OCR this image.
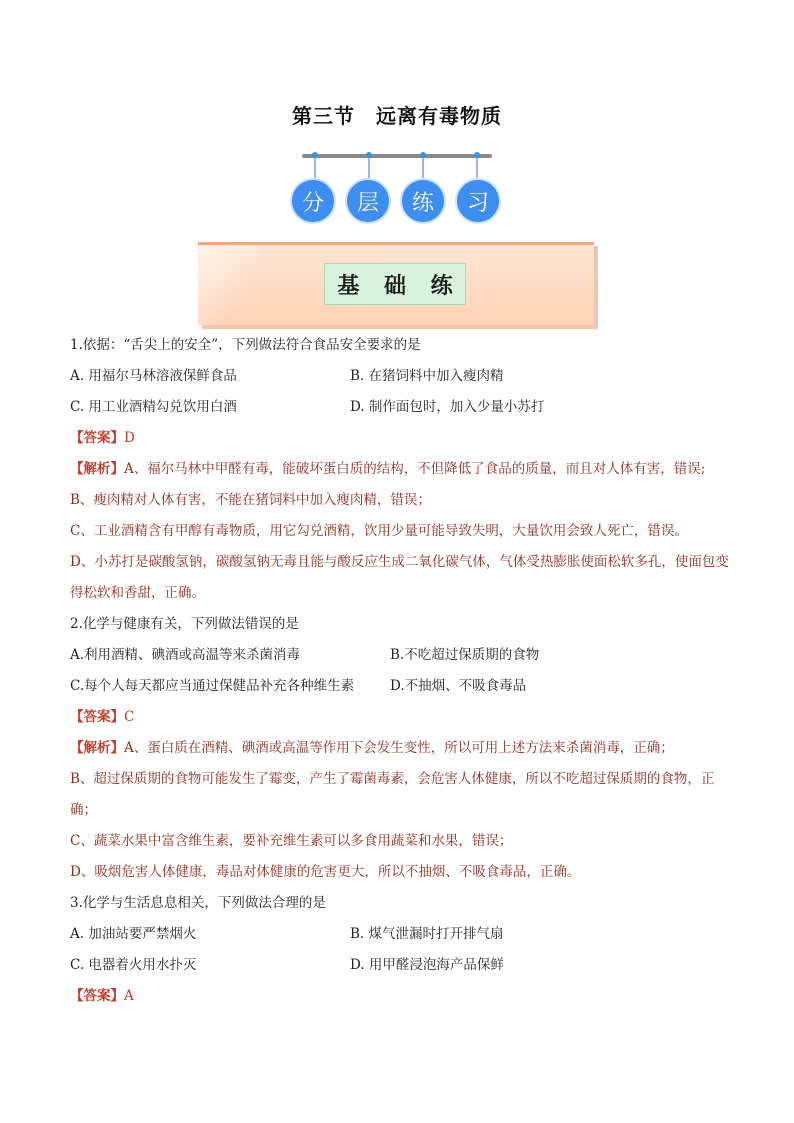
第三节　远离有毒物质
分	层	练	习
基 础 练
1.依据：“舌尖上的安全”，下列做法符合食品安全要求的是
A. 用福尔马林溶液保鲜食品	B. 在猪饲料中加入瘦肉精
C. 用工业酒精勾兑饮用白酒	D. 制作面包时，加入少量小苏打
【答案】D
【解析】A、福尔马林中甲醛有毒，能破坏蛋白质的结构，不但降低了食品的质量，而且对人体有害，错误;
B、瘦肉精对人体有害，不能在猪饲料中加入瘦肉精，错误；
C、工业酒精含有甲醇有毒物质，用它勾兑酒精，饮用少量可能导致失明，大量饮用会致人死亡，错误。
D、小苏打是碳酸氢钠，碳酸氢钠无毒且能与酸反应生成二氧化碳气体，气体受热膨胀使面松软多孔，使面包变得松软和香甜，正确。
2.化学与健康有关，下列做法错误的是
A.利用酒精、碘酒或高温等来杀菌消毒	B.不吃超过保质期的食物
C.每个人每天都应当通过保健品补充各种维生素	D.不抽烟、不吸食毒品
【答案】C
【解析】A、蛋白质在酒精、碘酒或高温等作用下会发生变性，所以可用上述方法来杀菌消毒，正确；
B、超过保质期的食物可能发生了霉变，产生了霉菌毒素，会危害人体健康，所以不吃超过保质期的食物，正确；
C、蔬菜水果中富含维生素，要补充维生素可以多食用蔬菜和水果，错误；
D、吸烟危害人体健康，毒品对体健康的危害更大，所以不抽烟、不吸食毒品，正确。
3.化学与生活息息相关，下列做法合理的是
A. 加油站要严禁烟火	B. 煤气泄漏时打开排气扇
C. 电器着火用水扑灭	D. 用甲醛浸泡海产品保鲜
【答案】A
